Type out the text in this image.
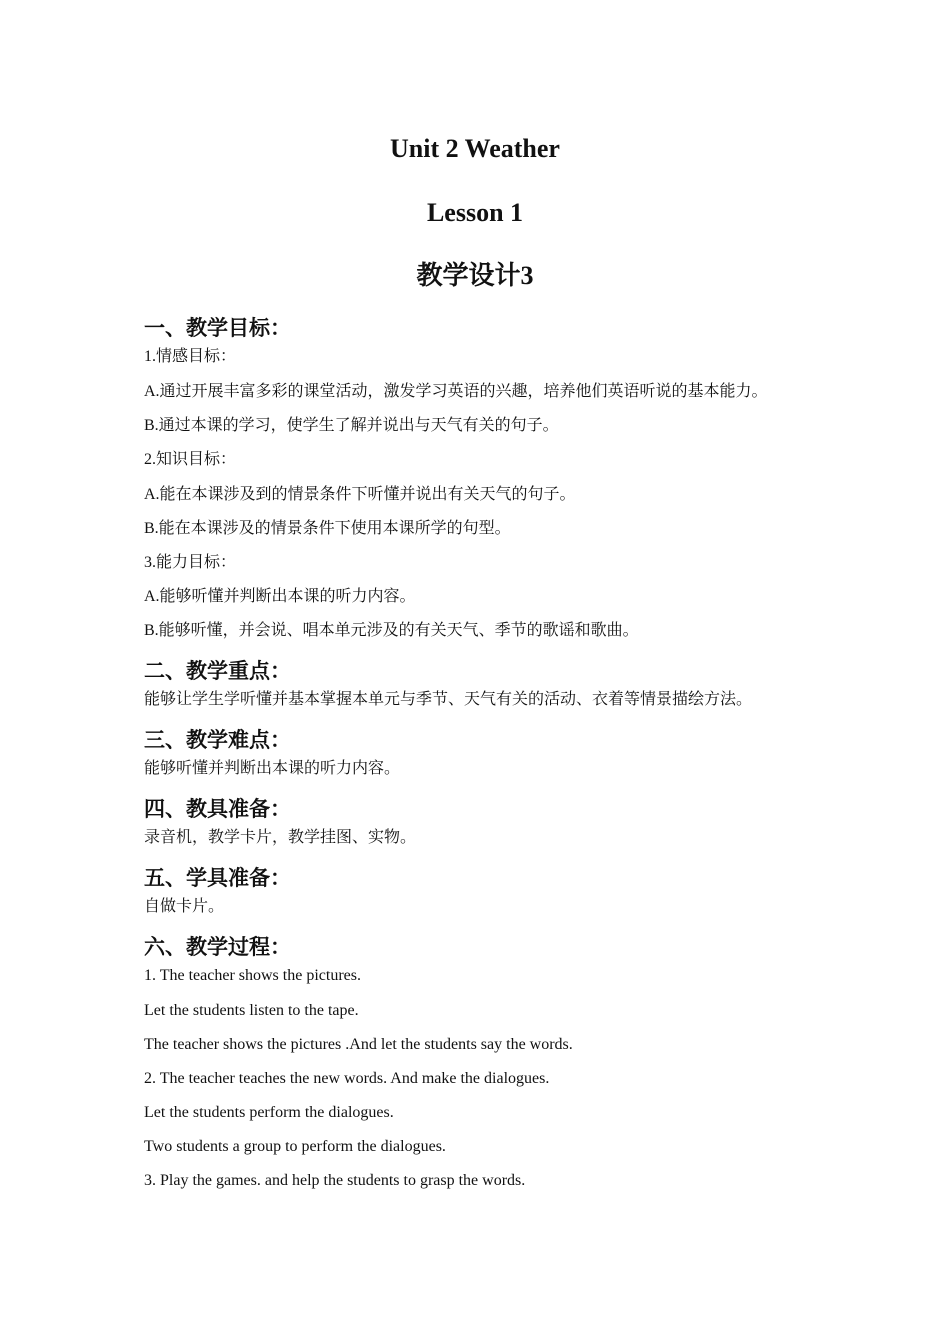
Unit 2 Weather
Lesson 1
教学设计3
一、教学目标：
1.情感目标：
A.通过开展丰富多彩的课堂活动，激发学习英语的兴趣，培养他们英语听说的基本能力。
B.通过本课的学习，使学生了解并说出与天气有关的句子。
2.知识目标：
A.能在本课涉及到的情景条件下听懂并说出有关天气的句子。
B.能在本课涉及的情景条件下使用本课所学的句型。
3.能力目标：
A.能够听懂并判断出本课的听力内容。
B.能够听懂，并会说、唱本单元涉及的有关天气、季节的歌谣和歌曲。
二、教学重点：
能够让学生学听懂并基本掌握本单元与季节、天气有关的活动、衣着等情景描绘方法。
三、教学难点：
能够听懂并判断出本课的听力内容。
四、教具准备：
录音机，教学卡片，教学挂图、实物。
五、学具准备：
自做卡片。
六、教学过程：
1. The teacher shows the pictures.
Let the students listen to the tape.
The teacher shows the pictures .And let the students say the words.
2. The teacher teaches the new words. And make the dialogues.
Let the students perform the dialogues.
Two students a group to perform the dialogues.
3. Play the games. and help the students to grasp the words.
